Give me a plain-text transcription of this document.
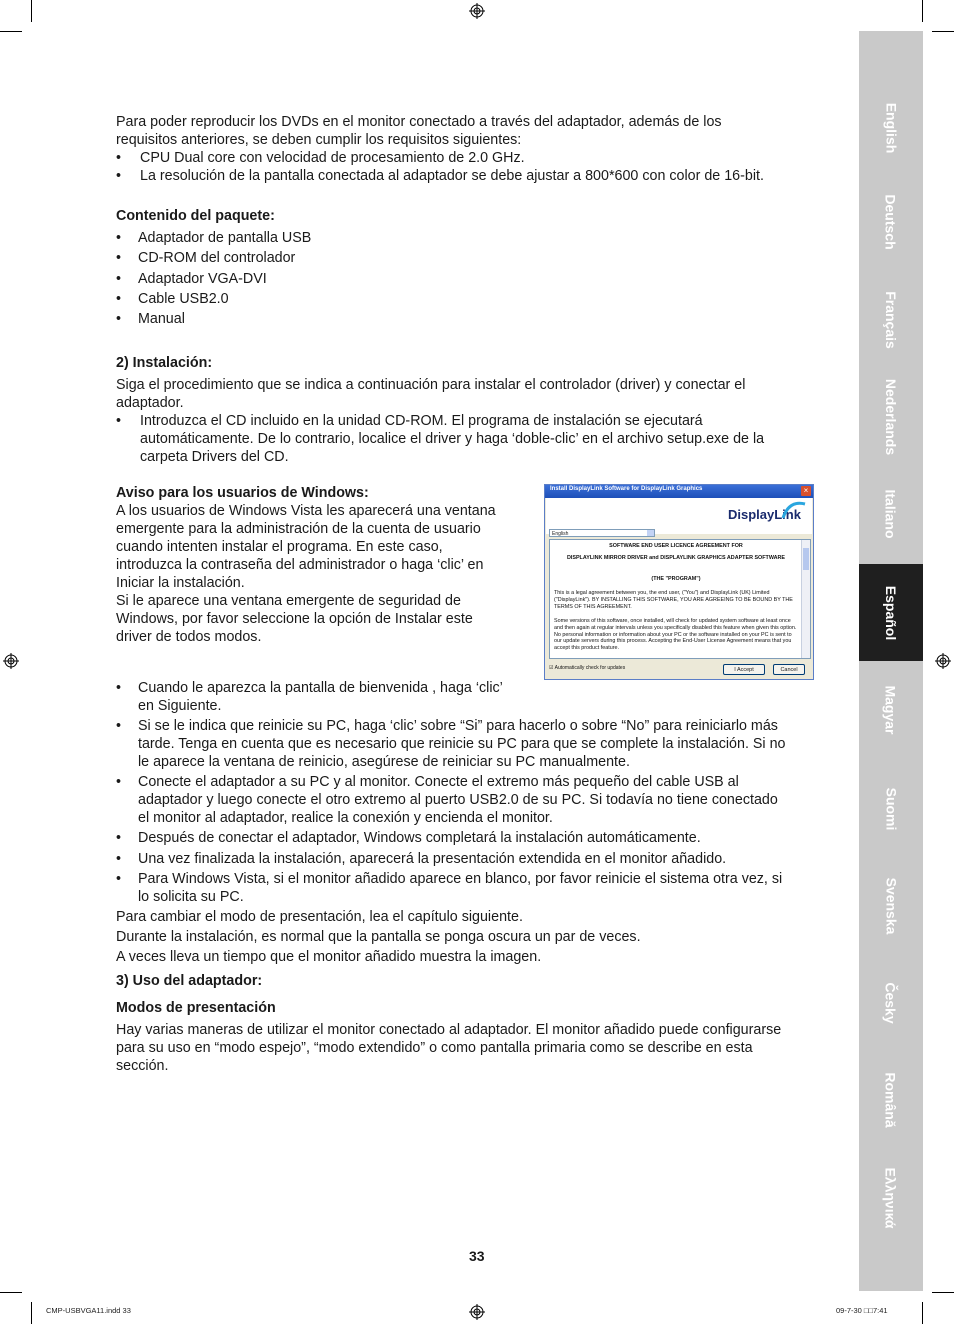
Para poder reproducir los DVDs en el monitor conectado a través del adaptador, además de los
requisitos anteriores, se deben cumplir los requisitos siguientes:
• CPU Dual core con velocidad de procesamiento de 2.0 GHz.
• La resolución de la pantalla conectada al adaptador se debe ajustar a 800*600 con color de 16-bit.
Contenido del paquete:
• Adaptador de pantalla USB
• CD-ROM del controlador
• Adaptador VGA-DVI
• Cable USB2.0
• Manual
2) Instalación:
Siga el procedimiento que se indica a continuación para instalar el controlador (driver) y conectar el
adaptador.
• Introduzca el CD incluido en la unidad CD-ROM. El programa de instalación se ejecutará
automáticamente. De lo contrario, localice el driver y haga ‘doble-clic’ en el archivo setup.exe de la
carpeta Drivers del CD.
Aviso para los usuarios de Windows:
A los usuarios de Windows Vista les aparecerá una ventana
emergente para la administración de la cuenta de usuario
cuando intenten instalar el programa. En este caso,
introduzca la contraseña del administrador o haga ‘clic’ en
Iniciar la instalación.
Si le aparece una ventana emergente de seguridad de
Windows, por favor seleccione la opción de Instalar este
driver de todos modos.
Install DisplayLink Software for DisplayLink Graphics	×
DisplayLink
English
SOFTWARE END USER LICENCE AGREEMENT FOR
DISPLAYLINK MIRROR DRIVER and DISPLAYLINK GRAPHICS ADAPTER SOFTWARE
(THE "PROGRAM")
This is a legal agreement between you, the end user, ("You") and DisplayLink (UK) Limited ("DisplayLink"). BY INSTALLING THIS SOFTWARE, YOU ARE AGREEING TO BE BOUND BY THE TERMS OF THIS AGREEMENT.
Some versions of this software, once installed, will check for updated system software at least once and then again at regular intervals unless you specifically disabled this feature when given this option. No personal information or information about your PC or the software installed on your PC is sent to our update servers during this process. Accepting the End-User License Agreement means that you accept this product feature.
☑ Automatically check for updates	I Accept	Cancel
• Cuando le aparezca la pantalla de bienvenida , haga ‘clic’
en Siguiente.
• Si se le indica que reinicie su PC, haga ‘clic’ sobre “Si” para hacerlo o sobre “No” para reiniciarlo más
tarde. Tenga en cuenta que es necesario que reinicie su PC para que se complete la instalación. Si no
le aparece la ventana de reinicio, asegúrese de reiniciar su PC manualmente.
• Conecte el adaptador a su PC y al monitor. Conecte el extremo más pequeño del cable USB al
adaptador y luego conecte el otro extremo al puerto USB2.0 de su PC. Si todavía no tiene conectado
el monitor al adaptador, realice la conexión y encienda el monitor.
• Después de conectar el adaptador, Windows completará la instalación automáticamente.
• Una vez finalizada la instalación, aparecerá la presentación extendida en el monitor añadido.
• Para Windows Vista, si el monitor añadido aparece en blanco, por favor reinicie el sistema otra vez, si
lo solicita su PC.
Para cambiar el modo de presentación, lea el capítulo siguiente.
Durante la instalación, es normal que la pantalla se ponga oscura un par de veces.
A veces lleva un tiempo que el monitor añadido muestra la imagen.
3) Uso del adaptador:
Modos de presentación
Hay varias maneras de utilizar el monitor conectado al adaptador. El monitor añadido puede configurarse
para su uso en “modo espejo”, “modo extendido” o como pantalla primaria como se describe en esta
sección.
English
Deutsch
Français
Nederlands
Italiano
Español
Magyar
Suomi
Svenska
Česky
Română
Ελληνικά
33
CMP-USBVGA11.indd 33	09-7-30 □□7:41
